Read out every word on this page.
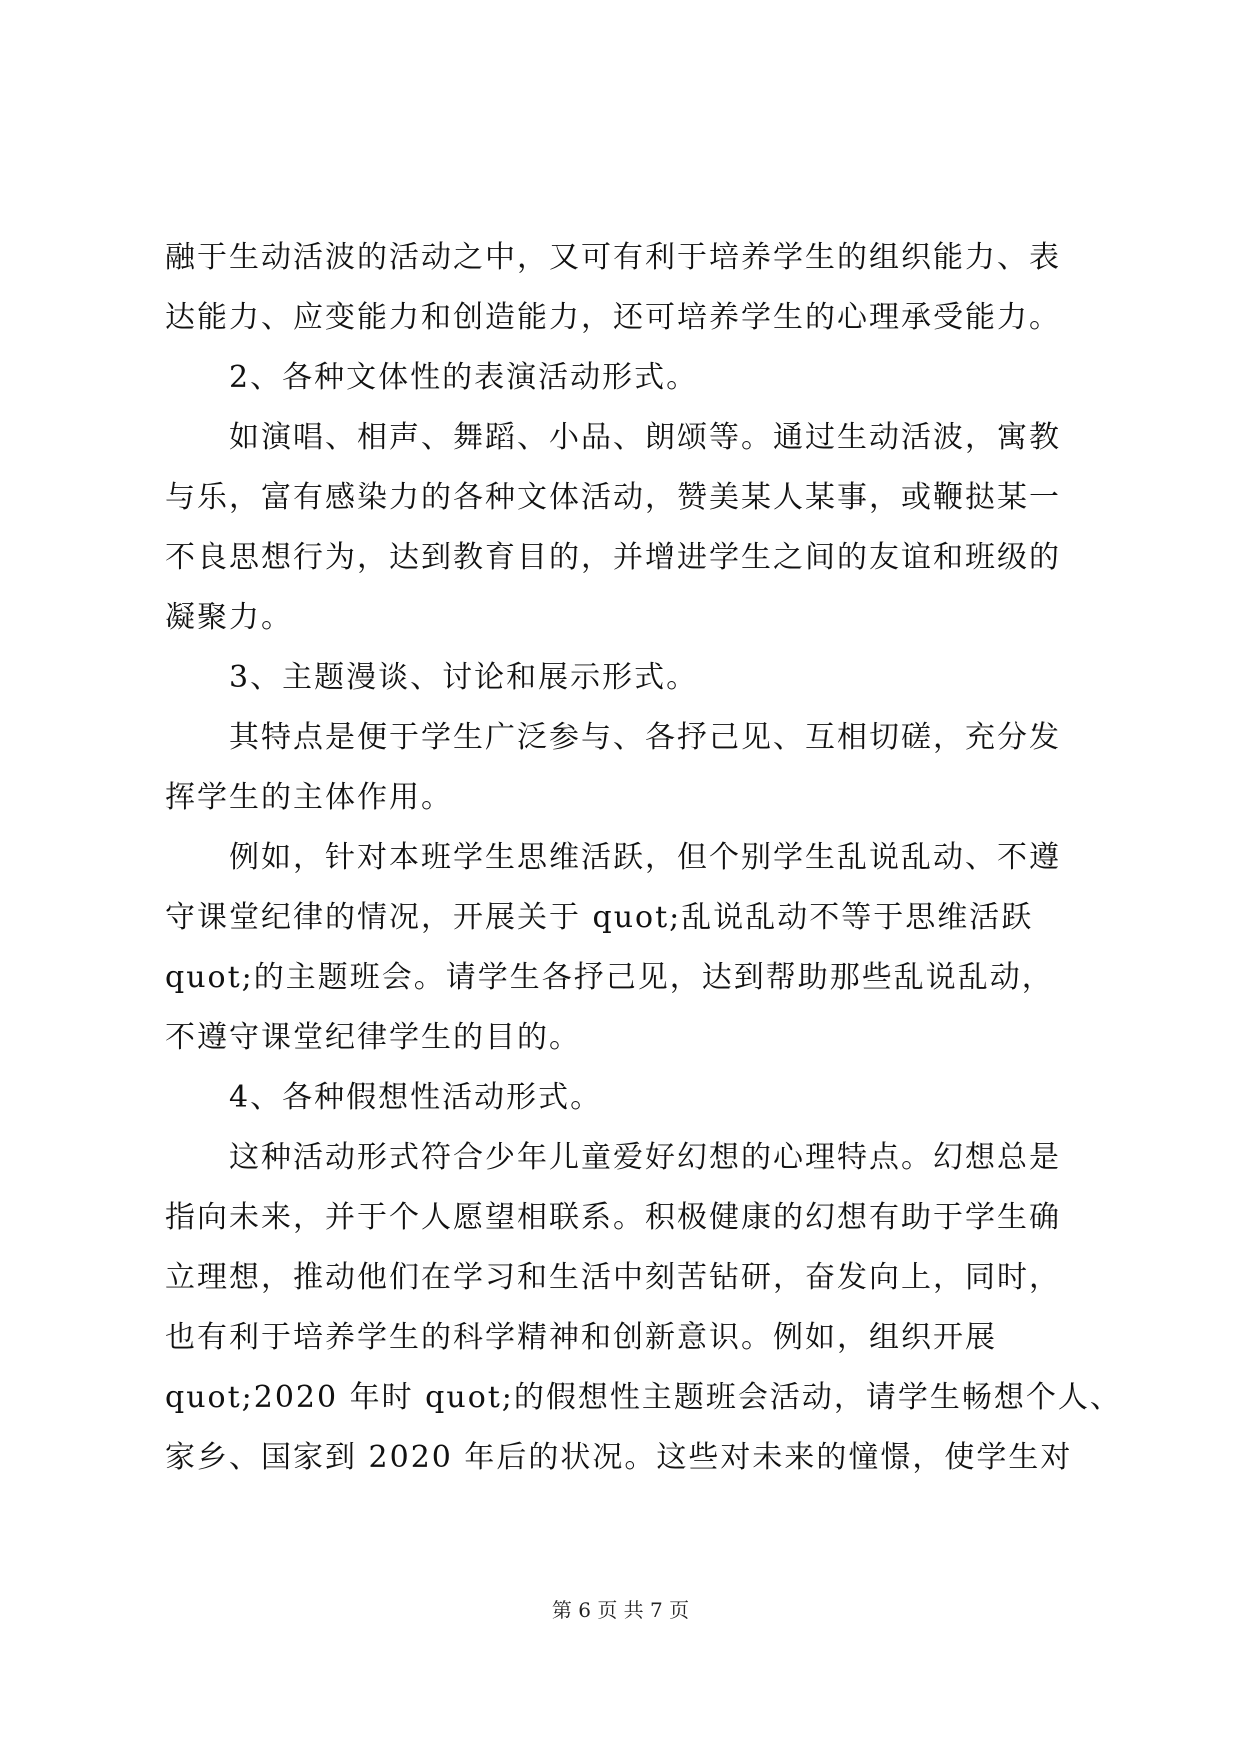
融于生动活波的活动之中，又可有利于培养学生的组织能力、表
达能力、应变能力和创造能力，还可培养学生的心理承受能力。
2、各种文体性的表演活动形式。
如演唱、相声、舞蹈、小品、朗颂等。通过生动活波，寓教
与乐，富有感染力的各种文体活动，赞美某人某事，或鞭挞某一
不良思想行为，达到教育目的，并增进学生之间的友谊和班级的
凝聚力。
3、主题漫谈、讨论和展示形式。
其特点是便于学生广泛参与、各抒己见、互相切磋，充分发
挥学生的主体作用。
例如，针对本班学生思维活跃，但个别学生乱说乱动、不遵
守课堂纪律的情况，开展关于 quot;乱说乱动不等于思维活跃
quot;的主题班会。请学生各抒己见，达到帮助那些乱说乱动，
不遵守课堂纪律学生的目的。
4、各种假想性活动形式。
这种活动形式符合少年儿童爱好幻想的心理特点。幻想总是
指向未来，并于个人愿望相联系。积极健康的幻想有助于学生确
立理想，推动他们在学习和生活中刻苦钻研，奋发向上，同时，
也有利于培养学生的科学精神和创新意识。例如，组织开展
quot;2020 年时 quot;的假想性主题班会活动，请学生畅想个人、
家乡、国家到 2020 年后的状况。这些对未来的憧憬，使学生对
第 6 页 共 7 页
